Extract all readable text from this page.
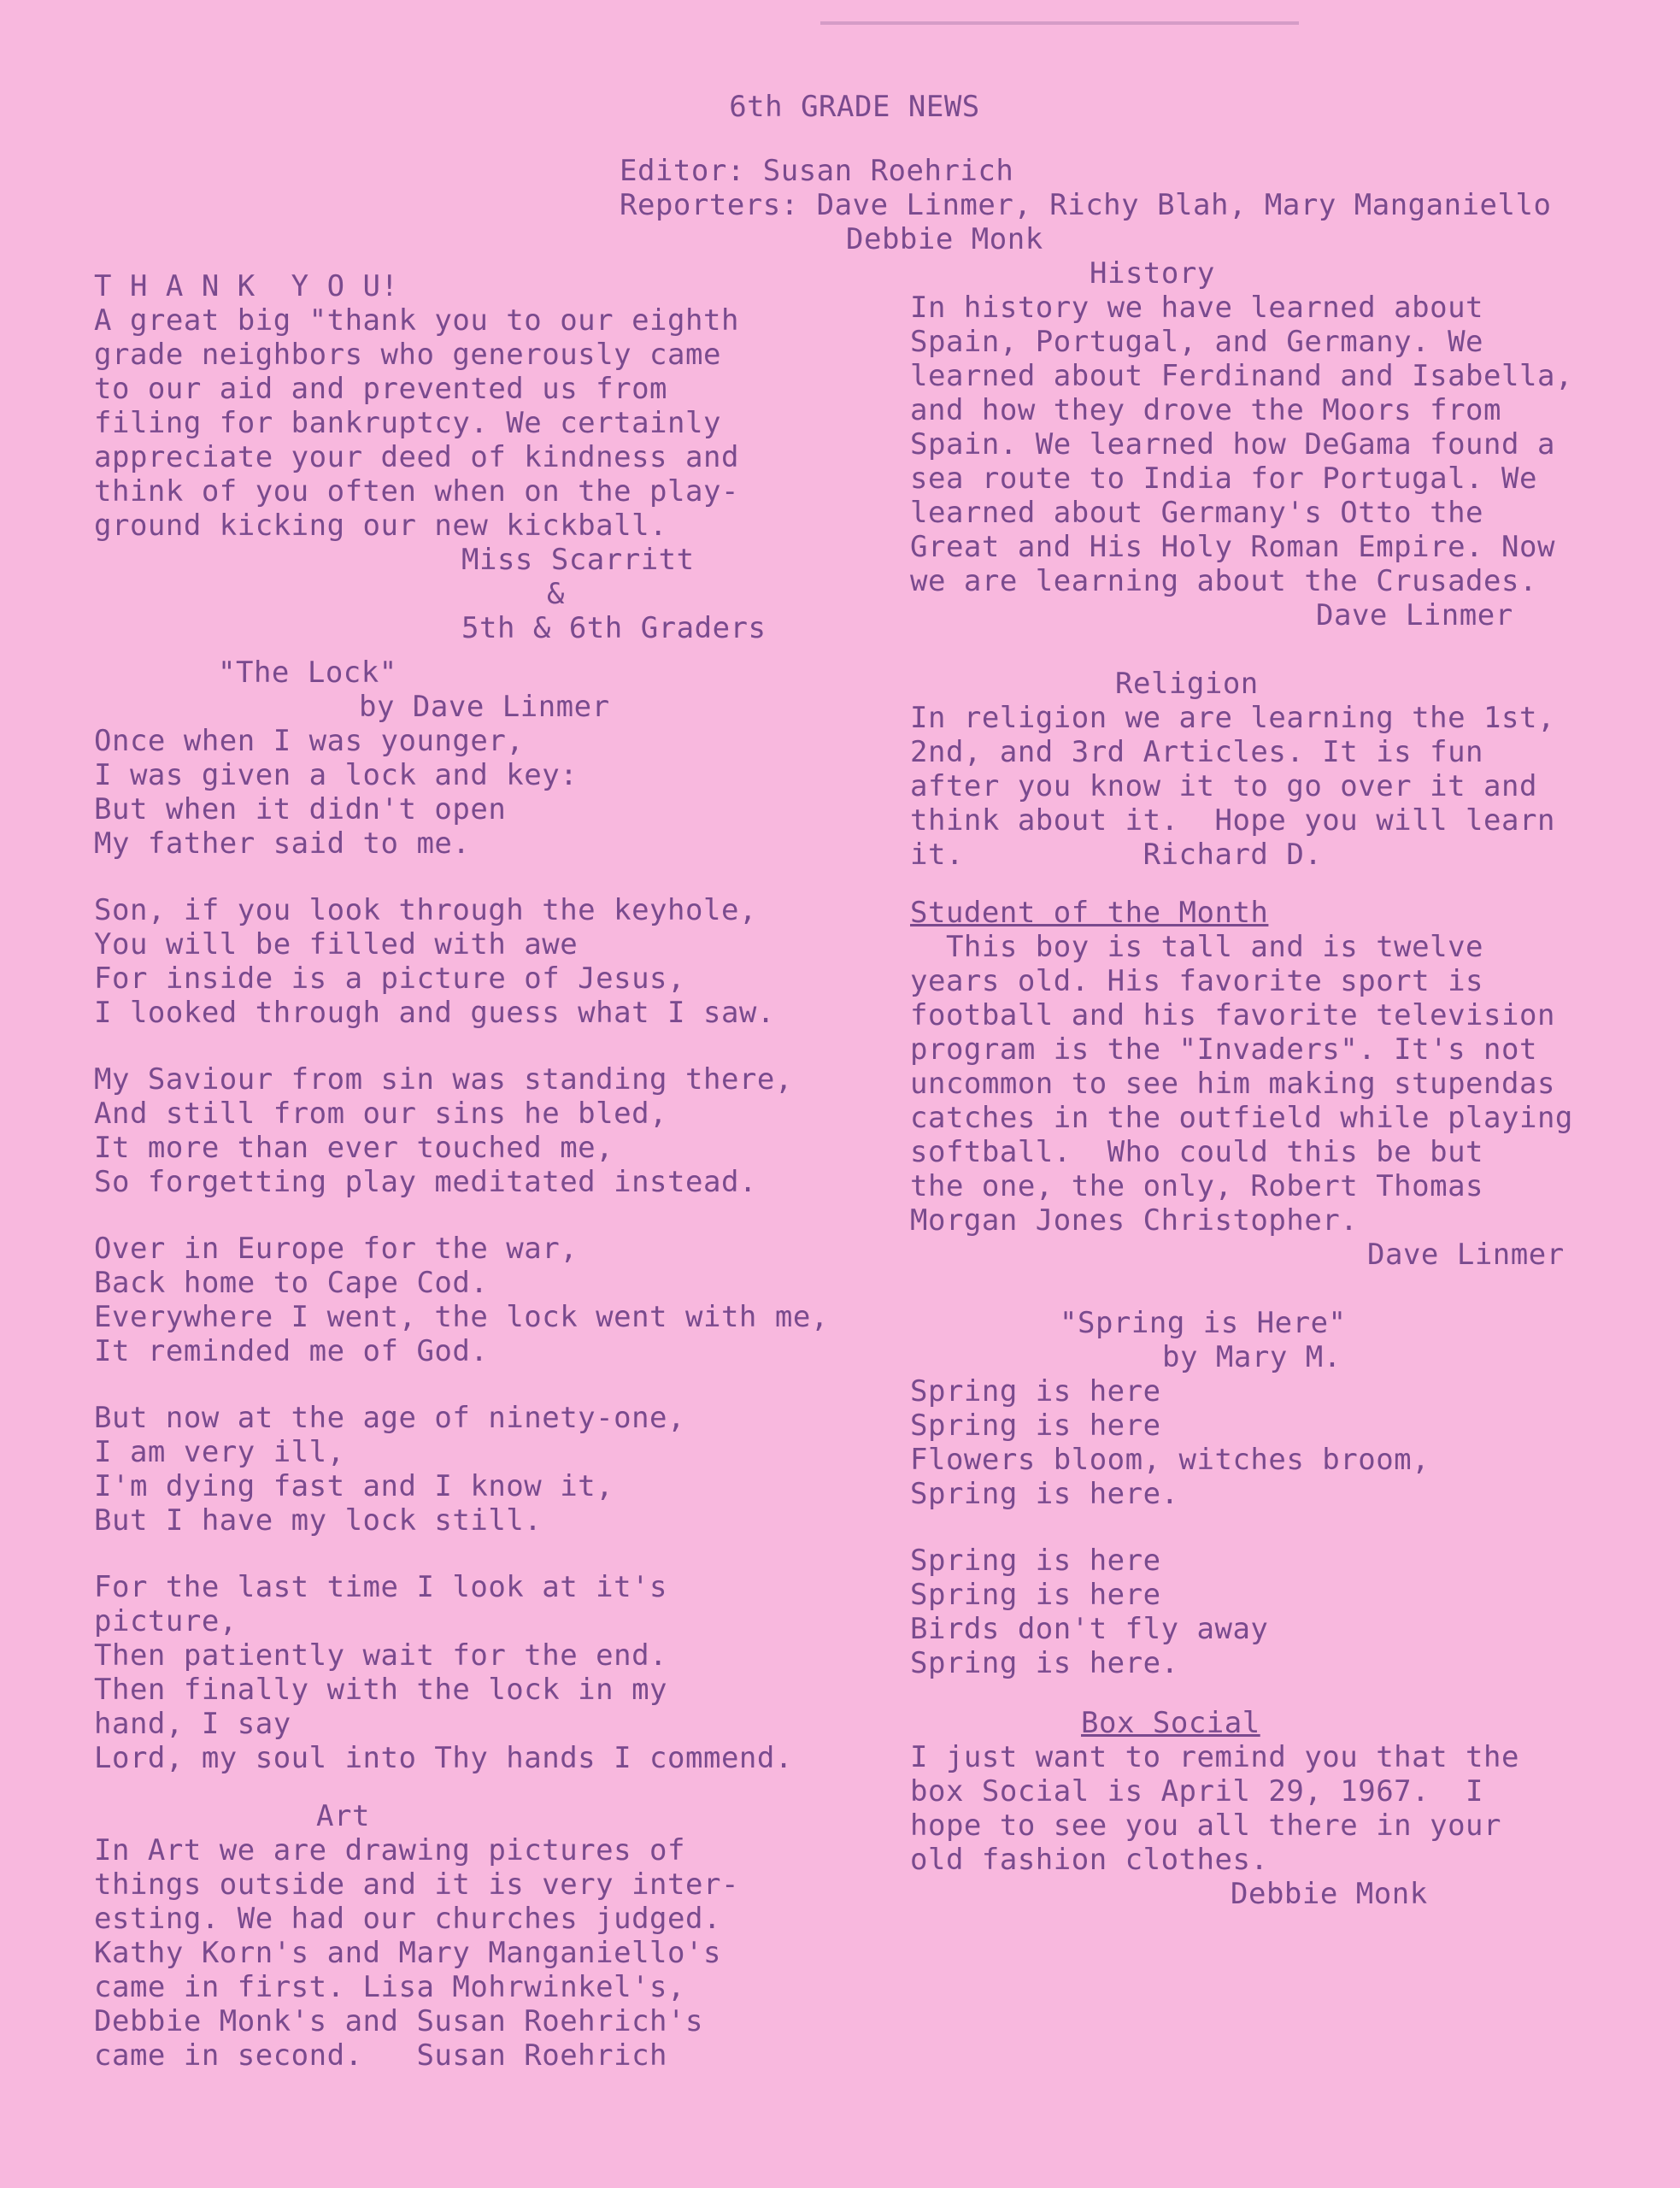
6th GRADE NEWS
Editor: Susan Roehrich
Reporters: Dave Linmer, Richy Blah, Mary Manganiello
Debbie Monk
T H A N K  Y O U!
A great big "thank you to our eighth
grade neighbors who generously came
to our aid and prevented us from
filing for bankruptcy. We certainly
appreciate your deed of kindness and
think of you often when on the play-
ground kicking our new kickball.
Miss Scarritt
&
5th & 6th Graders
"The Lock"
by Dave Linmer
Once when I was younger,
I was given a lock and key:
But when it didn't open
My father said to me.
Son, if you look through the keyhole,
You will be filled with awe
For inside is a picture of Jesus,
I looked through and guess what I saw.
My Saviour from sin was standing there,
And still from our sins he bled,
It more than ever touched me,
So forgetting play meditated instead.
Over in Europe for the war,
Back home to Cape Cod.
Everywhere I went, the lock went with me,
It reminded me of God.
But now at the age of ninety-one,
I am very ill,
I'm dying fast and I know it,
But I have my lock still.
For the last time I look at it's
picture,
Then patiently wait for the end.
Then finally with the lock in my
hand, I say
Lord, my soul into Thy hands I commend.
Art
In Art we are drawing pictures of
things outside and it is very inter-
esting. We had our churches judged.
Kathy Korn's and Mary Manganiello's
came in first. Lisa Mohrwinkel's,
Debbie Monk's and Susan Roehrich's
came in second.   Susan Roehrich
History
In history we have learned about
Spain, Portugal, and Germany. We
learned about Ferdinand and Isabella,
and how they drove the Moors from
Spain. We learned how DeGama found a
sea route to India for Portugal. We
learned about Germany's Otto the
Great and His Holy Roman Empire. Now
we are learning about the Crusades.
Dave Linmer
Religion
In religion we are learning the 1st,
2nd, and 3rd Articles. It is fun
after you know it to go over it and
think about it.  Hope you will learn
it.          Richard D.
Student of the Month
This boy is tall and is twelve
years old. His favorite sport is
football and his favorite television
program is the "Invaders". It's not
uncommon to see him making stupendas
catches in the outfield while playing
softball.  Who could this be but
the one, the only, Robert Thomas
Morgan Jones Christopher.
Dave Linmer
"Spring is Here"
by Mary M.
Spring is here
Spring is here
Flowers bloom, witches broom,
Spring is here.
Spring is here
Spring is here
Birds don't fly away
Spring is here.
Box Social
I just want to remind you that the
box Social is April 29, 1967.  I
hope to see you all there in your
old fashion clothes.
Debbie Monk
